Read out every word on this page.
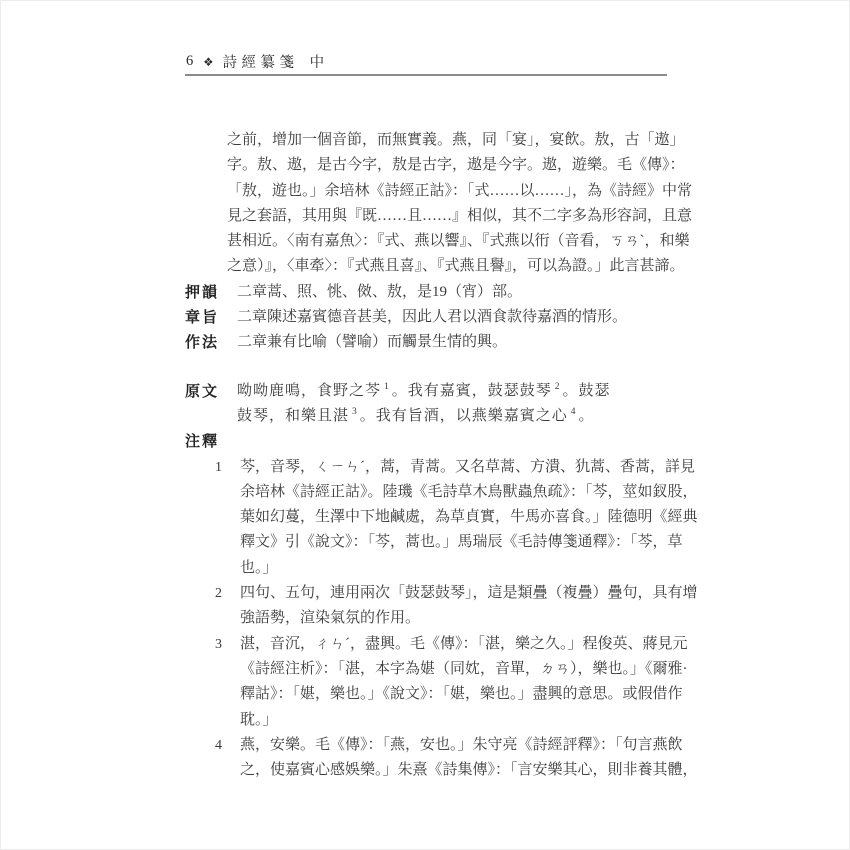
6 ❖ 詩經纂箋 中
之前，增加一個音節，而無實義。燕，同「宴」，宴飲。敖，古「遨」
字。敖、遨，是古今字，敖是古字，遨是今字。遨，遊樂。毛《傳》：
「敖，遊也。」余培林《詩經正詁》：「式……以……」，為《詩經》中常
見之套語，其用與『既……且……』相似，其不二字多為形容詞，且意
甚相近。〈南有嘉魚〉：『式、燕以響』、『式燕以衎（音看，ㄎㄢˋ，和樂
之意）』，〈車牽〉：『式燕且喜』、『式燕且譽』，可以為證。」此言甚諦。
押韻	二章蒿、照、恌、傚、敖，是19（宵）部。
章旨	二章陳述嘉賓德音甚美，因此人君以酒食款待嘉酒的情形。
作法	二章兼有比喻（譬喻）而觸景生情的興。
原文	呦呦鹿鳴，食野之芩 $^1$ 。我有嘉賓，鼓瑟鼓琴 $^2$ 。鼓瑟
鼓琴，和樂且湛 $^3$ 。我有旨酒，以燕樂嘉賓之心 $^4$ 。
注釋
1	芩，音琴，ㄑㄧㄣˊ，蒿，青蒿。又名草蒿、方潰、犰蒿、香蒿，詳見
余培林《詩經正詁》。陸璣《毛詩草木鳥獸蟲魚疏》：「芩，莖如釵股，
葉如幻蔓，生澤中下地鹹處，為草貞實，牛馬亦喜食。」陸德明《經典
釋文》引《說文》：「芩，蒿也。」馬瑞辰《毛詩傳箋通釋》：「芩，草
也。」
2	四句、五句，連用兩次「鼓瑟鼓琴」，這是類疊（複疊）疊句，具有增
強語勢，渲染氣氛的作用。
3	湛，音沉，ㄔㄣˊ，盡興。毛《傳》：「湛，樂之久。」程俊英、蔣見元
《詩經注析》：「湛，本字為媅（同妉，音單，ㄉㄢ），樂也。」《爾雅·
釋詁》：「媅，樂也。」《說文》：「媅，樂也。」盡興的意思。或假借作
耽。」
4	燕，安樂。毛《傳》：「燕，安也。」朱守亮《詩經評釋》：「句言燕飲
之，使嘉賓心感娛樂。」朱熹《詩集傳》：「言安樂其心，則非養其體，
